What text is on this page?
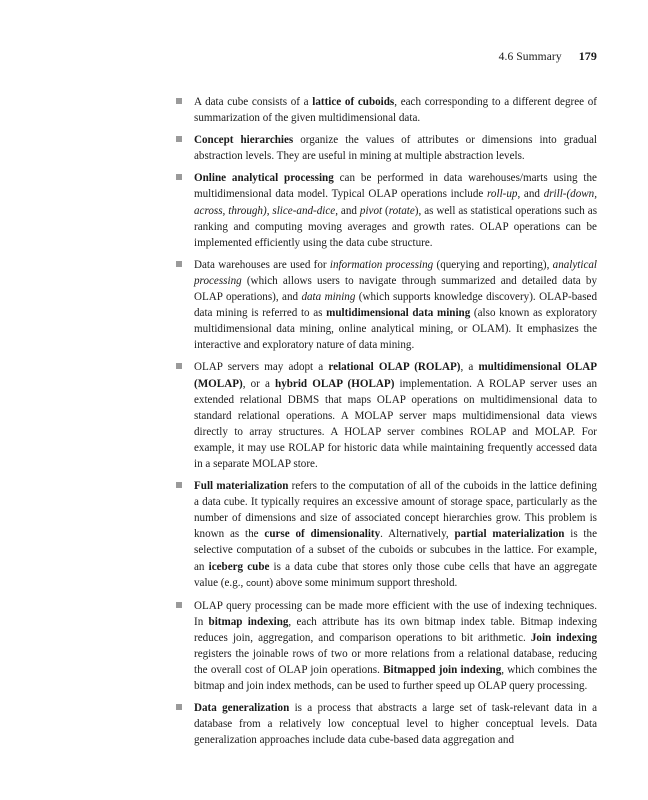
4.6 Summary 179
A data cube consists of a lattice of cuboids, each corresponding to a different degree of summarization of the given multidimensional data.
Concept hierarchies organize the values of attributes or dimensions into gradual abstraction levels. They are useful in mining at multiple abstraction levels.
Online analytical processing can be performed in data warehouses/marts using the multidimensional data model. Typical OLAP operations include roll-up, and drill-(down, across, through), slice-and-dice, and pivot (rotate), as well as statistical operations such as ranking and computing moving averages and growth rates. OLAP operations can be implemented efficiently using the data cube structure.
Data warehouses are used for information processing (querying and reporting), analytical processing (which allows users to navigate through summarized and detailed data by OLAP operations), and data mining (which supports knowledge discovery). OLAP-based data mining is referred to as multidimensional data mining (also known as exploratory multidimensional data mining, online analytical mining, or OLAM). It emphasizes the interactive and exploratory nature of data mining.
OLAP servers may adopt a relational OLAP (ROLAP), a multidimensional OLAP (MOLAP), or a hybrid OLAP (HOLAP) implementation. A ROLAP server uses an extended relational DBMS that maps OLAP operations on multidimensional data to standard relational operations. A MOLAP server maps multidimensional data views directly to array structures. A HOLAP server combines ROLAP and MOLAP. For example, it may use ROLAP for historic data while maintaining frequently accessed data in a separate MOLAP store.
Full materialization refers to the computation of all of the cuboids in the lattice defining a data cube. It typically requires an excessive amount of storage space, particularly as the number of dimensions and size of associated concept hierarchies grow. This problem is known as the curse of dimensionality. Alternatively, partial materialization is the selective computation of a subset of the cuboids or subcubes in the lattice. For example, an iceberg cube is a data cube that stores only those cube cells that have an aggregate value (e.g., count) above some minimum support threshold.
OLAP query processing can be made more efficient with the use of indexing techniques. In bitmap indexing, each attribute has its own bitmap index table. Bitmap indexing reduces join, aggregation, and comparison operations to bit arithmetic. Join indexing registers the joinable rows of two or more relations from a relational database, reducing the overall cost of OLAP join operations. Bitmapped join indexing, which combines the bitmap and join index methods, can be used to further speed up OLAP query processing.
Data generalization is a process that abstracts a large set of task-relevant data in a database from a relatively low conceptual level to higher conceptual levels. Data generalization approaches include data cube-based data aggregation and
